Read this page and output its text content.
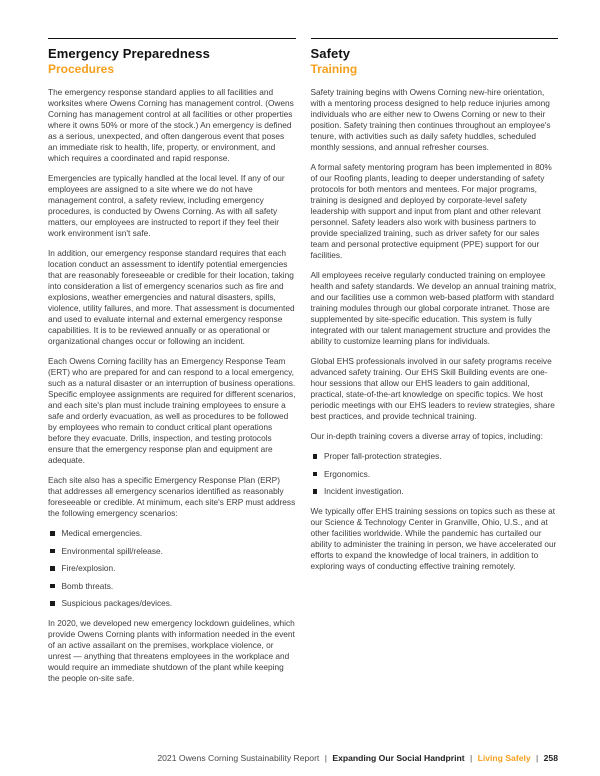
Emergency Preparedness
Procedures

The emergency response standard applies to all facilities and worksites where Owens Corning has management control. (Owens Corning has management control at all facilities or other properties where it owns 50% or more of the stock.) An emergency is defined as a serious, unexpected, and often dangerous event that poses an immediate risk to health, life, property, or environment, and which requires a coordinated and rapid response.

Emergencies are typically handled at the local level. If any of our employees are assigned to a site where we do not have management control, a safety review, including emergency procedures, is conducted by Owens Corning. As with all safety matters, our employees are instructed to report if they feel their work environment isn't safe.

In addition, our emergency response standard requires that each location conduct an assessment to identify potential emergencies that are reasonably foreseeable or credible for their location, taking into consideration a list of emergency scenarios such as fire and explosions, weather emergencies and natural disasters, spills, violence, utility failures, and more. That assessment is documented and used to evaluate internal and external emergency response capabilities. It is to be reviewed annually or as operational or organizational changes occur or following an incident.

Each Owens Corning facility has an Emergency Response Team (ERT) who are prepared for and can respond to a local emergency, such as a natural disaster or an interruption of business operations. Specific employee assignments are required for different scenarios, and each site's plan must include training employees to ensure a safe and orderly evacuation, as well as procedures to be followed by employees who remain to conduct critical plant operations before they evacuate. Drills, inspection, and testing protocols ensure that the emergency response plan and equipment are adequate.

Each site also has a specific Emergency Response Plan (ERP) that addresses all emergency scenarios identified as reasonably foreseeable or credible. At minimum, each site's ERP must address the following emergency scenarios:

Medical emergencies.
Environmental spill/release.
Fire/explosion.
Bomb threats.
Suspicious packages/devices.

In 2020, we developed new emergency lockdown guidelines, which provide Owens Corning plants with information needed in the event of an active assailant on the premises, workplace violence, or unrest — anything that threatens employees in the workplace and would require an immediate shutdown of the plant while keeping the people on-site safe.

Safety
Training

Safety training begins with Owens Corning new-hire orientation, with a mentoring process designed to help reduce injuries among individuals who are either new to Owens Corning or new to their position. Safety training then continues throughout an employee's tenure, with activities such as daily safety huddles, scheduled monthly sessions, and annual refresher courses.

A formal safety mentoring program has been implemented in 80% of our Roofing plants, leading to deeper understanding of safety protocols for both mentors and mentees. For major programs, training is designed and deployed by corporate-level safety leadership with support and input from plant and other relevant personnel. Safety leaders also work with business partners to provide specialized training, such as driver safety for our sales team and personal protective equipment (PPE) support for our facilities.

All employees receive regularly conducted training on employee health and safety standards. We develop an annual training matrix, and our facilities use a common web-based platform with standard training modules through our global corporate intranet. Those are supplemented by site-specific education. This system is fully integrated with our talent management structure and provides the ability to customize learning plans for individuals.

Global EHS professionals involved in our safety programs receive advanced safety training. Our EHS Skill Building events are one-hour sessions that allow our EHS leaders to gain additional, practical, state-of-the-art knowledge on specific topics. We host periodic meetings with our EHS leaders to review strategies, share best practices, and provide technical training.

Our in-depth training covers a diverse array of topics, including:

Proper fall-protection strategies.
Ergonomics.
Incident investigation.

We typically offer EHS training sessions on topics such as these at our Science & Technology Center in Granville, Ohio, U.S., and at other facilities worldwide. While the pandemic has curtailed our ability to administer the training in person, we have accelerated our efforts to expand the knowledge of local trainers, in addition to exploring ways of conducting effective training remotely.

2021 Owens Corning Sustainability Report | Expanding Our Social Handprint | Living Safely | 258
